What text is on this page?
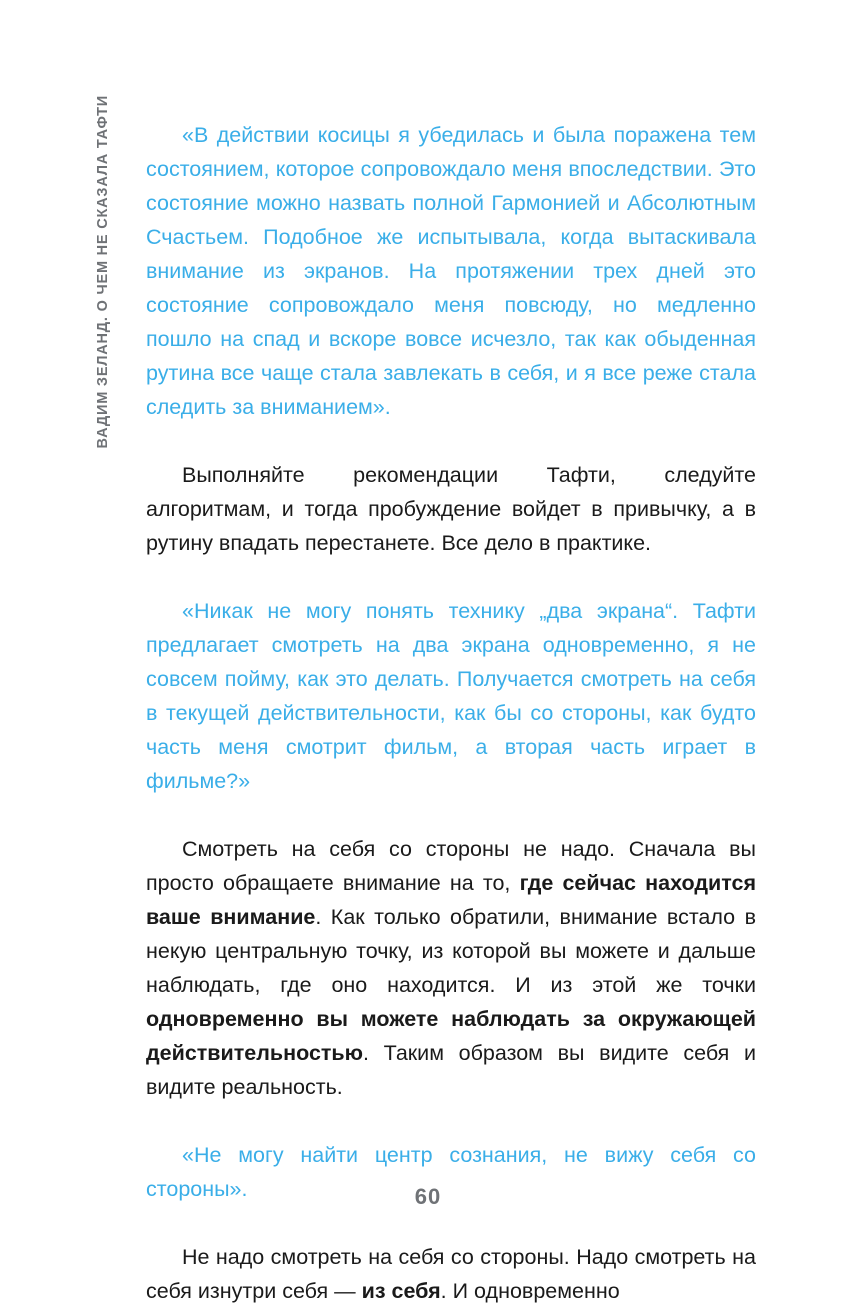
ВАДИМ ЗЕЛАНД. О ЧЕМ НЕ СКАЗАЛА ТАФТИ	«В действии косицы я убедилась и была поражена тем состоянием, которое сопровождало меня впоследствии. Это состояние можно назвать полной Гармонией и Абсолютным Счастьем. Подобное же испытывала, когда вытаскивала внимание из экранов. На протяжении трех дней это состояние сопровождало меня повсюду, но медленно пошло на спад и вскоре вовсе исчезло, так как обыденная рутина все чаще стала завлекать в себя, и я все реже стала следить за вниманием».

Выполняйте рекомендации Тафти, следуйте алгоритмам, и тогда пробуждение войдет в привычку, а в рутину впадать перестанете. Все дело в практике.

«Никак не могу понять технику „два экрана“. Тафти предлагает смотреть на два экрана одновременно, я не совсем пойму, как это делать. Получается смотреть на себя в текущей действительности, как бы со стороны, как будто часть меня смотрит фильм, а вторая часть играет в фильме?»

Смотреть на себя со стороны не надо. Сначала вы просто обращаете внимание на то, где сейчас находится ваше внимание. Как только обратили, внимание встало в некую центральную точку, из которой вы можете и дальше наблюдать, где оно находится. И из этой же точки одновременно вы можете наблюдать за окружающей действительностью. Таким образом вы видите себя и видите реальность.

«Не могу найти центр сознания, не вижу себя со стороны».

Не надо смотреть на себя со стороны. Надо смотреть на себя изнутри себя — из себя. И одновременно

60
